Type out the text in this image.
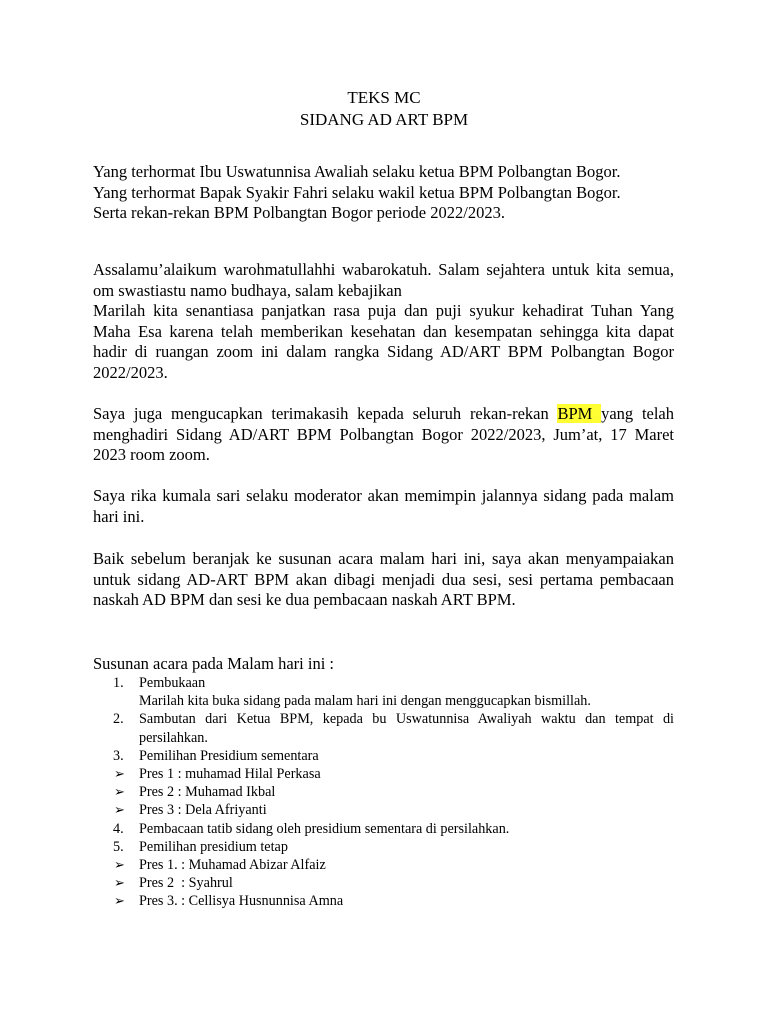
TEKS MC
SIDANG AD ART BPM

Yang terhormat Ibu Uswatunnisa Awaliah selaku ketua BPM Polbangtan Bogor.

Yang terhormat Bapak Syakir Fahri selaku wakil ketua BPM Polbangtan Bogor.

Serta rekan-rekan BPM Polbangtan Bogor periode 2022/2023.

Assalamu’alaikum warohmatullahhi wabarokatuh. Salam sejahtera untuk kita semua, om swastiastu namo budhaya, salam kebajikan

Marilah kita senantiasa panjatkan rasa puja dan puji syukur kehadirat Tuhan Yang Maha Esa karena telah memberikan kesehatan dan kesempatan sehingga kita dapat hadir di ruangan zoom ini dalam rangka Sidang AD/ART BPM Polbangtan Bogor 2022/2023.

Saya juga mengucapkan terimakasih kepada seluruh rekan-rekan BPM yang telah menghadiri Sidang AD/ART BPM Polbangtan Bogor 2022/2023, Jum’at, 17 Maret 2023 room zoom.

Saya rika kumala sari selaku moderator akan memimpin jalannya sidang pada malam hari ini.

Baik sebelum beranjak ke susunan acara malam hari ini, saya akan menyampaiakan untuk sidang AD-ART BPM akan dibagi menjadi dua sesi, sesi pertama pembacaan naskah AD BPM dan sesi ke dua pembacaan naskah ART BPM.

Susunan acara pada Malam hari ini :

1. Pembukaan
Marilah kita buka sidang pada malam hari ini dengan menggucapkan bismillah.
2. Sambutan dari Ketua BPM, kepada bu Uswatunnisa Awaliyah waktu dan tempat di persilahkan.
3. Pemilihan Presidium sementara
➢ Pres 1 : muhamad Hilal Perkasa
➢ Pres 2 : Muhamad Ikbal
➢ Pres 3 : Dela Afriyanti
4. Pembacaan tatib sidang oleh presidium sementara di persilahkan.
5. Pemilihan presidium tetap
➢ Pres 1. : Muhamad Abizar Alfaiz
➢ Pres 2  : Syahrul
➢ Pres 3. : Cellisya Husnunnisa Amna
